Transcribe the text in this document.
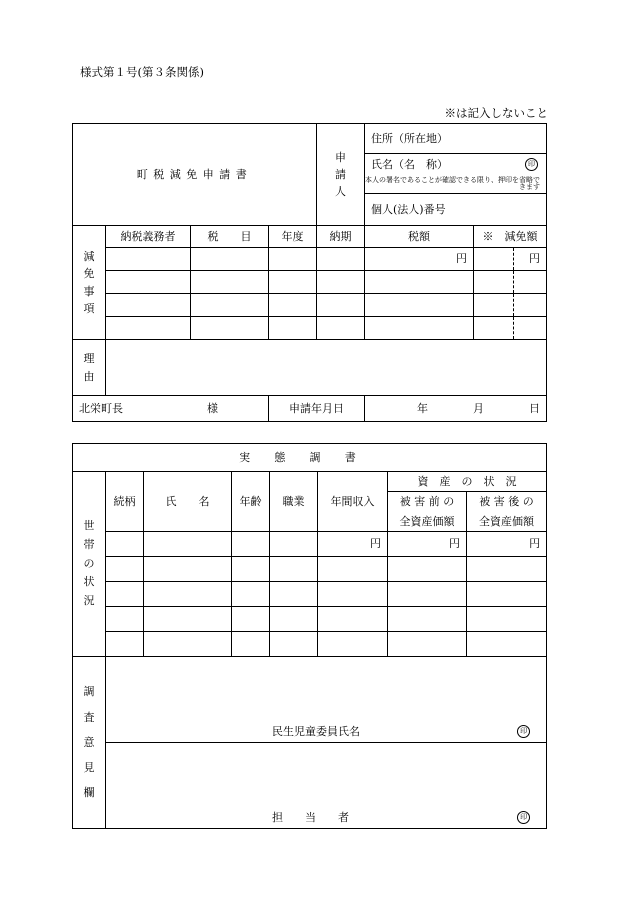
様式第１号(第３条関係)
※は記入しないこと
町税減免申請書				申請人	住所（所在地）		
					氏名（名　称） 印		

					本人の署名であることが確認できる限り、押印を省略できます		
					個人(法人)番号		

減免事項	納税義務者	税　　目	年度	納期	税額	※　減免額	
					円		円

理由							

北栄町長 様			申請年月日		年 月 日		
実態調書							

世帯の状況	続柄	氏　　名	年齢	職業	年間収入	資　産　の　状　況	
						被 害 前 の	被 害 後 の
						全資産価額	全資産価額
					円	円	円

調査意見欄	民生児童委員氏名 印						

	担　　当　　者 印						
